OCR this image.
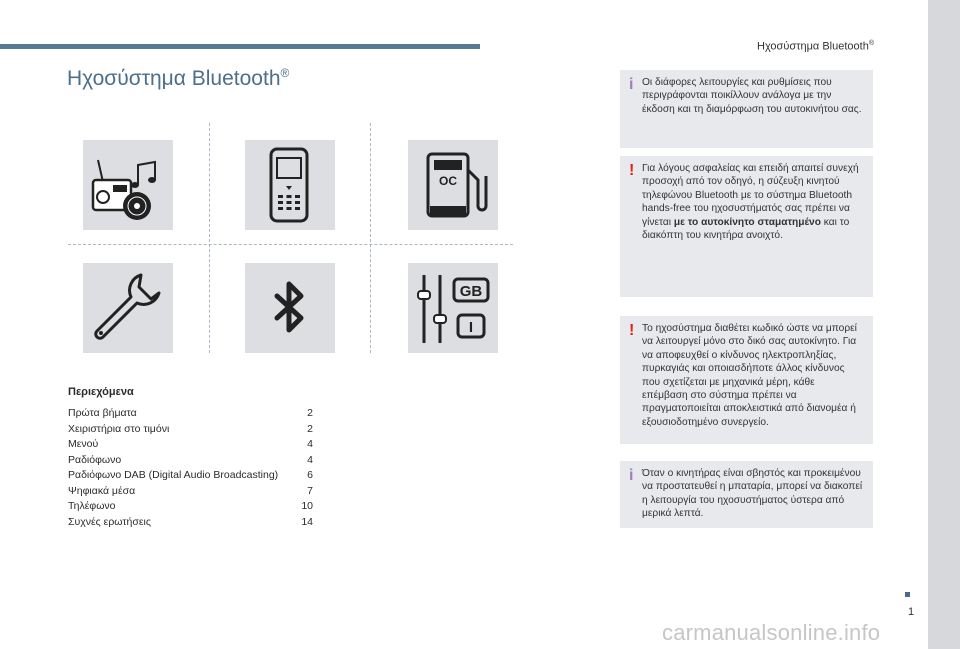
Ηχοσύστημα Bluetooth®
1
Ηχοσύστημα Bluetooth®
OC
GB
I
Περιεχόμενα
Πρώτα βήματα	2
Χειριστήρια στο τιμόνι	2
Μενού	4
Ραδιόφωνο	4
Ραδιόφωνο DAB (Digital Audio Broadcasting)	6
Ψηφιακά μέσα	7
Τηλέφωνο	10
Συχνές ερωτήσεις	14
i Οι διάφορες λειτουργίες και ρυθμίσεις που περιγράφονται ποικίλλουν ανάλογα με την έκδοση και τη διαμόρφωση του αυτοκινήτου σας.

! Για λόγους ασφαλείας και επειδή απαιτεί συνεχή προσοχή από τον οδηγό, η σύζευξη κινητού τηλεφώνου Bluetooth με το σύστημα Bluetooth hands-free του ηχοσυστήματός σας πρέπει να γίνεται με το αυτοκίνητο σταματημένο και το διακόπτη του κινητήρα ανοιχτό.

! Το ηχοσύστημα διαθέτει κωδικό ώστε να μπορεί να λειτουργεί μόνο στο δικό σας αυτοκίνητο. Για να αποφευχθεί ο κίνδυνος ηλεκτροπληξίας, πυρκαγιάς και οποιασδήποτε άλλος κίνδυνος που σχετίζεται με μηχανικά μέρη, κάθε επέμβαση στο σύστημα πρέπει να πραγματοποιείται αποκλειστικά από διανομέα ή εξουσιοδοτημένο συνεργείο.

i Όταν ο κινητήρας είναι σβηστός και προκειμένου να προστατευθεί η μπαταρία, μπορεί να διακοπεί η λειτουργία του ηχοσυστήματος ύστερα από μερικά λεπτά.

carmanualsonline.info
